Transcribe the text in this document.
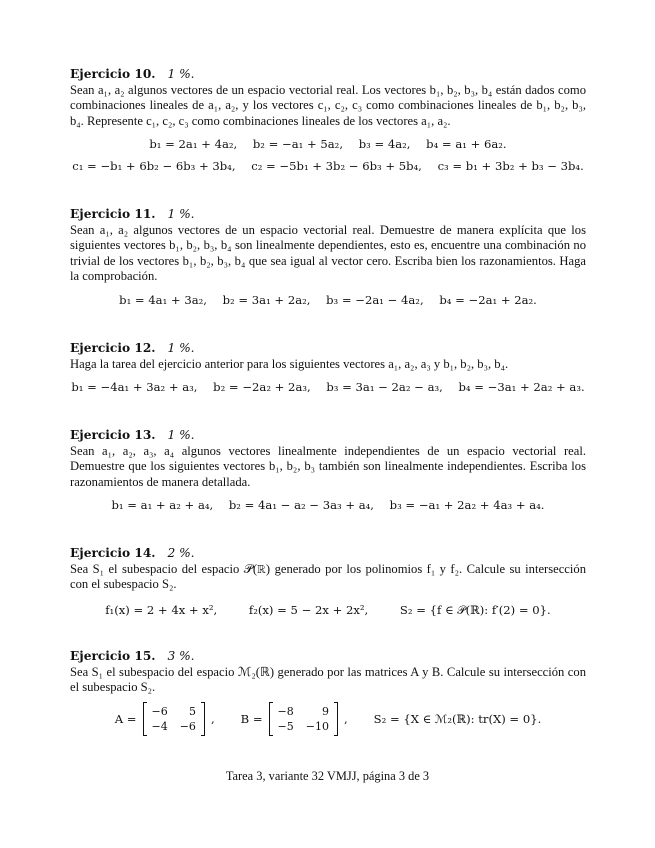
Ejercicio 10. 1 %.

Sean a₁, a₂ algunos vectores de un espacio vectorial real. Los vectores b₁, b₂, b₃, b₄ están dados como combinaciones lineales de a₁, a₂, y los vectores c₁, c₂, c₃ como combinaciones lineales de b₁, b₂, b₃, b₄. Represente c₁, c₂, c₃ como combinaciones lineales de los vectores a₁, a₂.

b₁ = 2a₁ + 4a₂, b₂ = −a₁ + 5a₂, b₃ = 4a₂, b₄ = a₁ + 6a₂.
c₁ = −b₁ + 6b₂ − 6b₃ + 3b₄, c₂ = −5b₁ + 3b₂ − 6b₃ + 5b₄, c₃ = b₁ + 3b₂ + b₃ − 3b₄.
Ejercicio 11. 1 %.

Sean a₁, a₂ algunos vectores de un espacio vectorial real. Demuestre de manera explícita que los siguientes vectores b₁, b₂, b₃, b₄ son linealmente dependientes, esto es, encuentre una combinación no trivial de los vectores b₁, b₂, b₃, b₄ que sea igual al vector cero. Escriba bien los razonamientos. Haga la comprobación.

b₁ = 4a₁ + 3a₂, b₂ = 3a₁ + 2a₂, b₃ = −2a₁ − 4a₂, b₄ = −2a₁ + 2a₂.
Ejercicio 12. 1 %.

Haga la tarea del ejercicio anterior para los siguientes vectores a₁, a₂, a₃ y b₁, b₂, b₃, b₄.

b₁ = −4a₁ + 3a₂ + a₃, b₂ = −2a₂ + 2a₃, b₃ = 3a₁ − 2a₂ − a₃, b₄ = −3a₁ + 2a₂ + a₃.
Ejercicio 13. 1 %.

Sean a₁, a₂, a₃, a₄ algunos vectores linealmente independientes de un espacio vectorial real. Demuestre que los siguientes vectores b₁, b₂, b₃ también son linealmente independientes. Escriba los razonamientos de manera detallada.

b₁ = a₁ + a₂ + a₄, b₂ = 4a₁ − a₂ − 3a₃ + a₄, b₃ = −a₁ + 2a₂ + 4a₃ + a₄.
Ejercicio 14. 2 %.

Sea S₁ el subespacio del espacio 𝒫(ℝ) generado por los polinomios f₁ y f₂. Calcule su intersección con el subespacio S₂.

f₁(x) = 2 + 4x + x²,	f₂(x) = 5 − 2x + 2x²,	S₂ = {f ∈ 𝒫(ℝ): f′(2) = 0}.
Ejercicio 15. 3 %.

Sea S₁ el subespacio del espacio ℳ₂(ℝ) generado por las matrices A y B. Calcule su intersección con el subespacio S₂.

A =
−6	5
−4 −6
, B =
−8	9
−5 −10
, S₂ = {X ∈ ℳ₂(ℝ): tr(X) = 0}.
Tarea 3, variante 32 VMJJ, página 3 de 3
